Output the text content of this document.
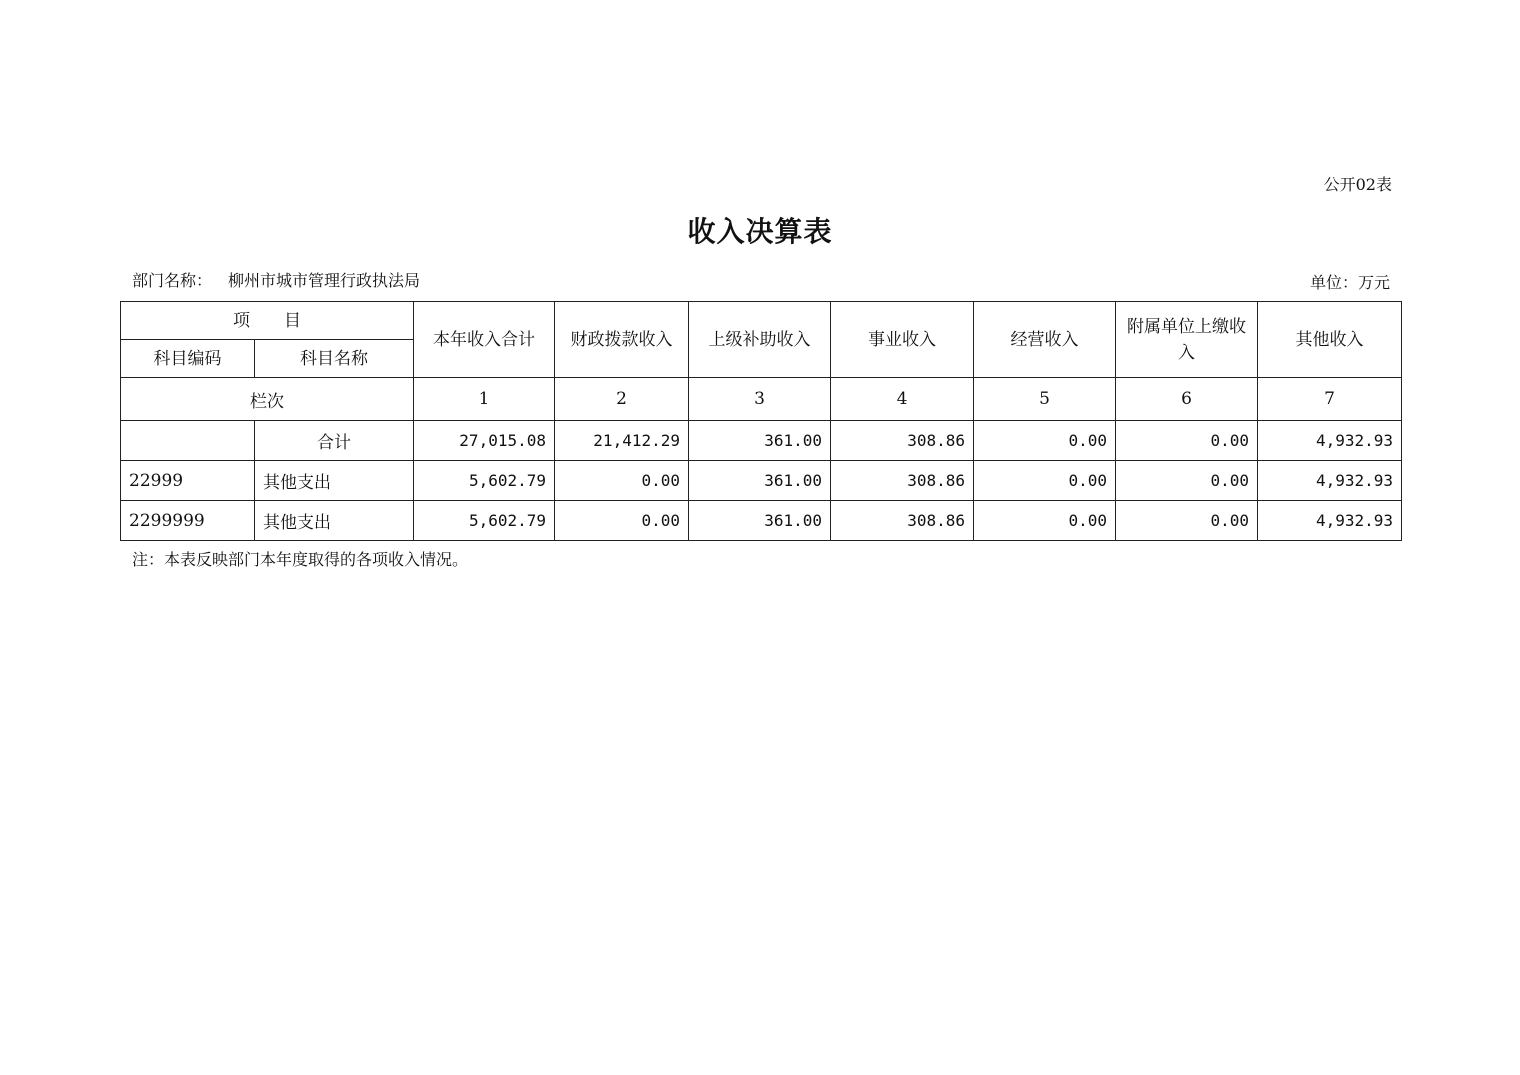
公开02表
收入决算表
部门名称： 柳州市城市管理行政执法局	单位：万元
项　　目		本年收入合计	财政拨款收入	上级补助收入	事业收入	经营收入	附属单位上缴收入	其他收入
科目编码	科目名称							
栏次		1	2	3	4	5	6	7
	合计	27,015.08	21,412.29	361.00	308.86	0.00	0.00	4,932.93
22999	其他支出	5,602.79	0.00	361.00	308.86	0.00	0.00	4,932.93
2299999	其他支出	5,602.79	0.00	361.00	308.86	0.00	0.00	4,932.93
注：本表反映部门本年度取得的各项收入情况。
